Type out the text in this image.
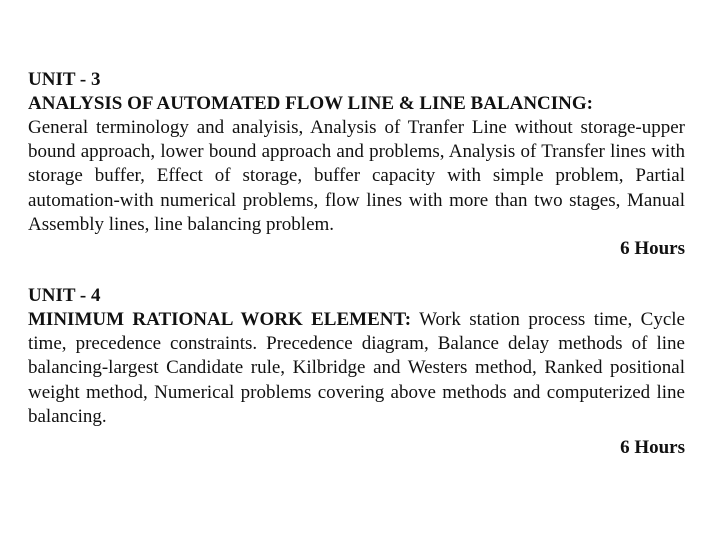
UNIT - 3

ANALYSIS OF AUTOMATED FLOW LINE & LINE BALANCING:

General terminology and analyisis, Analysis of Tranfer Line without storage-upper bound approach, lower bound approach and problems, Analysis of Transfer lines with storage buffer, Effect of storage, buffer capacity with simple problem, Partial automation-with numerical problems, flow lines with more than two stages, Manual Assembly lines, line balancing problem.

6 Hours

UNIT - 4

MINIMUM RATIONAL WORK ELEMENT: Work station process time, Cycle time, precedence constraints. Precedence diagram, Balance delay methods of line balancing-largest Candidate rule, Kilbridge and Westers method, Ranked positional weight method, Numerical problems covering above methods and computerized line balancing.

6 Hours
